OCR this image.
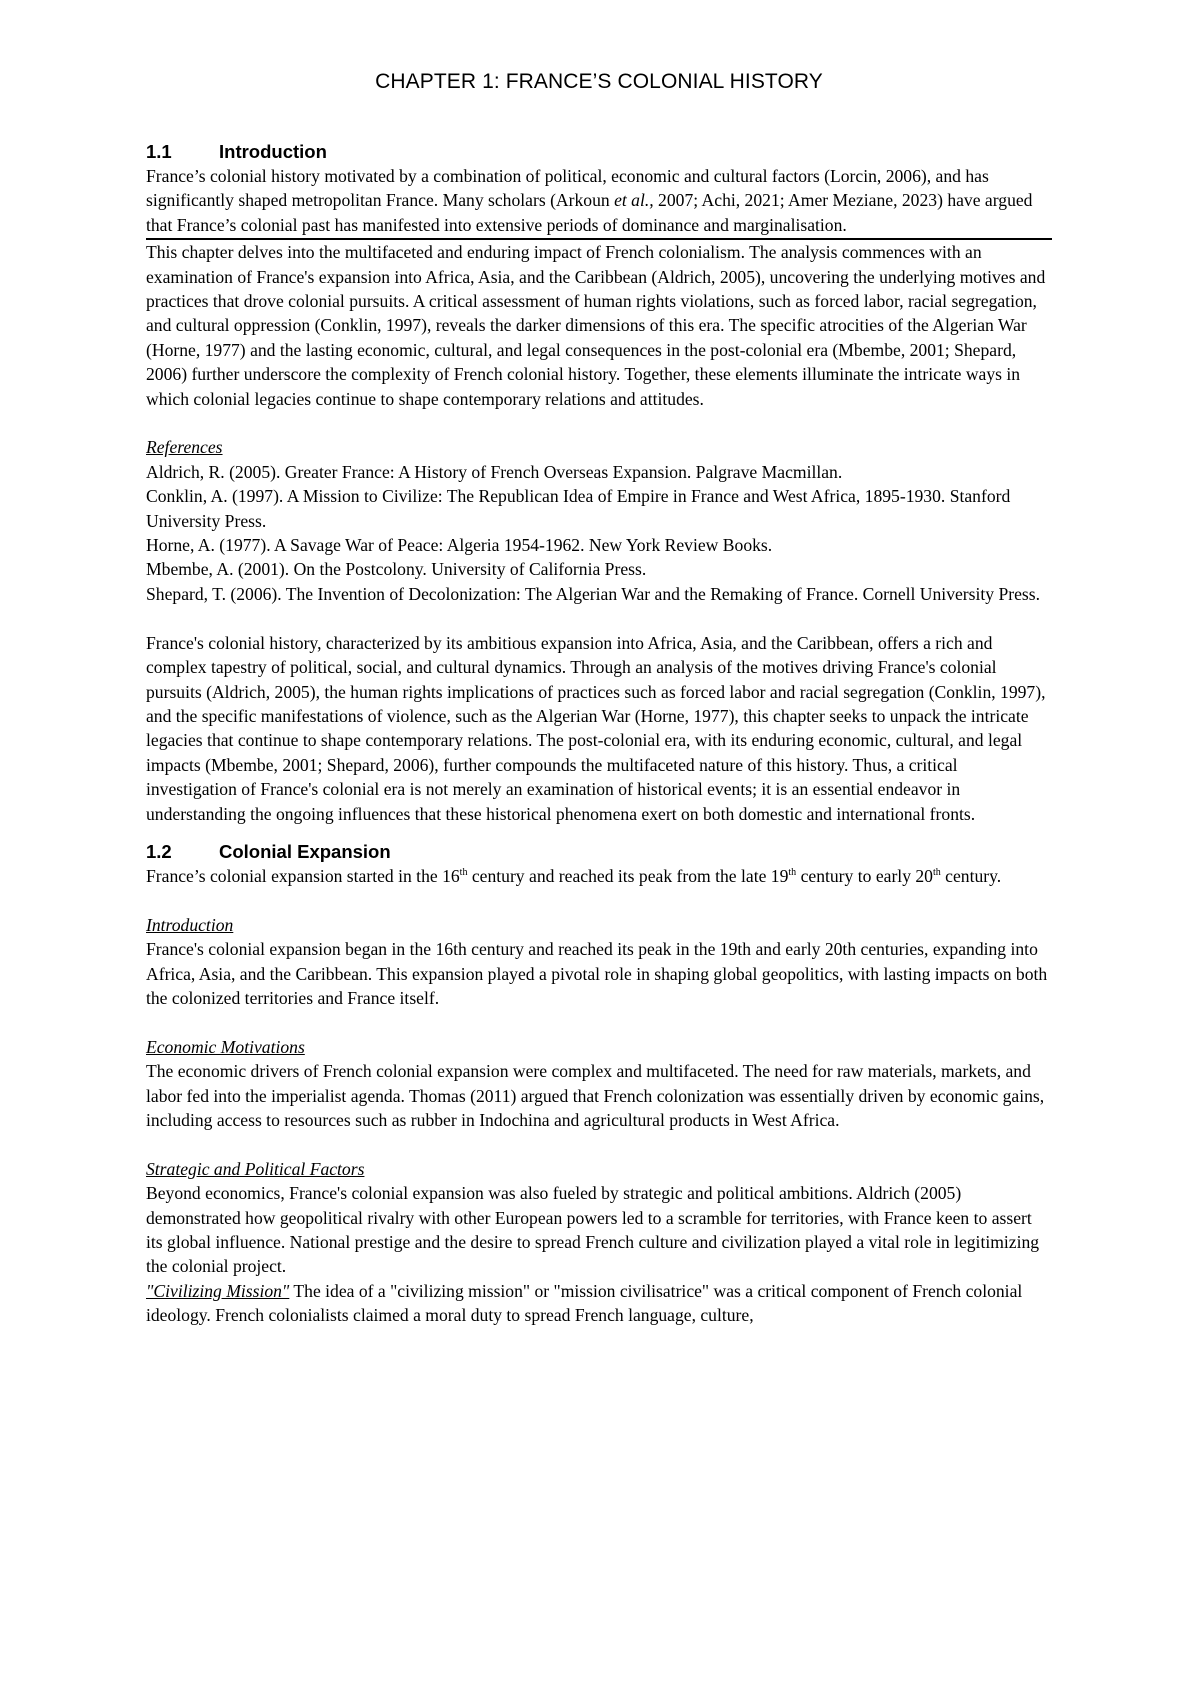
CHAPTER 1: FRANCE’S COLONIAL HISTORY
1.1	Introduction

France’s colonial history motivated by a combination of political, economic and cultural factors (Lorcin, 2006), and has significantly shaped metropolitan France. Many scholars (Arkoun et al., 2007; Achi, 2021; Amer Meziane, 2023) have argued that France’s colonial past has manifested into extensive periods of dominance and marginalisation.

This chapter delves into the multifaceted and enduring impact of French colonialism. The analysis commences with an examination of France's expansion into Africa, Asia, and the Caribbean (Aldrich, 2005), uncovering the underlying motives and practices that drove colonial pursuits. A critical assessment of human rights violations, such as forced labor, racial segregation, and cultural oppression (Conklin, 1997), reveals the darker dimensions of this era. The specific atrocities of the Algerian War (Horne, 1977) and the lasting economic, cultural, and legal consequences in the post-colonial era (Mbembe, 2001; Shepard, 2006) further underscore the complexity of French colonial history. Together, these elements illuminate the intricate ways in which colonial legacies continue to shape contemporary relations and attitudes.

References

Aldrich, R. (2005). Greater France: A History of French Overseas Expansion. Palgrave Macmillan.
Conklin, A. (1997). A Mission to Civilize: The Republican Idea of Empire in France and West Africa, 1895-1930. Stanford University Press.
Horne, A. (1977). A Savage War of Peace: Algeria 1954-1962. New York Review Books.
Mbembe, A. (2001). On the Postcolony. University of California Press.
Shepard, T. (2006). The Invention of Decolonization: The Algerian War and the Remaking of France. Cornell University Press.

France's colonial history, characterized by its ambitious expansion into Africa, Asia, and the Caribbean, offers a rich and complex tapestry of political, social, and cultural dynamics. Through an analysis of the motives driving France's colonial pursuits (Aldrich, 2005), the human rights implications of practices such as forced labor and racial segregation (Conklin, 1997), and the specific manifestations of violence, such as the Algerian War (Horne, 1977), this chapter seeks to unpack the intricate legacies that continue to shape contemporary relations. The post-colonial era, with its enduring economic, cultural, and legal impacts (Mbembe, 2001; Shepard, 2006), further compounds the multifaceted nature of this history. Thus, a critical investigation of France's colonial era is not merely an examination of historical events; it is an essential endeavor in understanding the ongoing influences that these historical phenomena exert on both domestic and international fronts.

1.2	Colonial Expansion

France’s colonial expansion started in the 16th century and reached its peak from the late 19th century to early 20th century.

Introduction

France's colonial expansion began in the 16th century and reached its peak in the 19th and early 20th centuries, expanding into Africa, Asia, and the Caribbean. This expansion played a pivotal role in shaping global geopolitics, with lasting impacts on both the colonized territories and France itself.

Economic Motivations

The economic drivers of French colonial expansion were complex and multifaceted. The need for raw materials, markets, and labor fed into the imperialist agenda. Thomas (2011) argued that French colonization was essentially driven by economic gains, including access to resources such as rubber in Indochina and agricultural products in West Africa.

Strategic and Political Factors

Beyond economics, France's colonial expansion was also fueled by strategic and political ambitions. Aldrich (2005) demonstrated how geopolitical rivalry with other European powers led to a scramble for territories, with France keen to assert its global influence. National prestige and the desire to spread French culture and civilization played a vital role in legitimizing the colonial project.

"Civilizing Mission" The idea of a "civilizing mission" or "mission civilisatrice" was a critical component of French colonial ideology. French colonialists claimed a moral duty to spread French language, culture,
